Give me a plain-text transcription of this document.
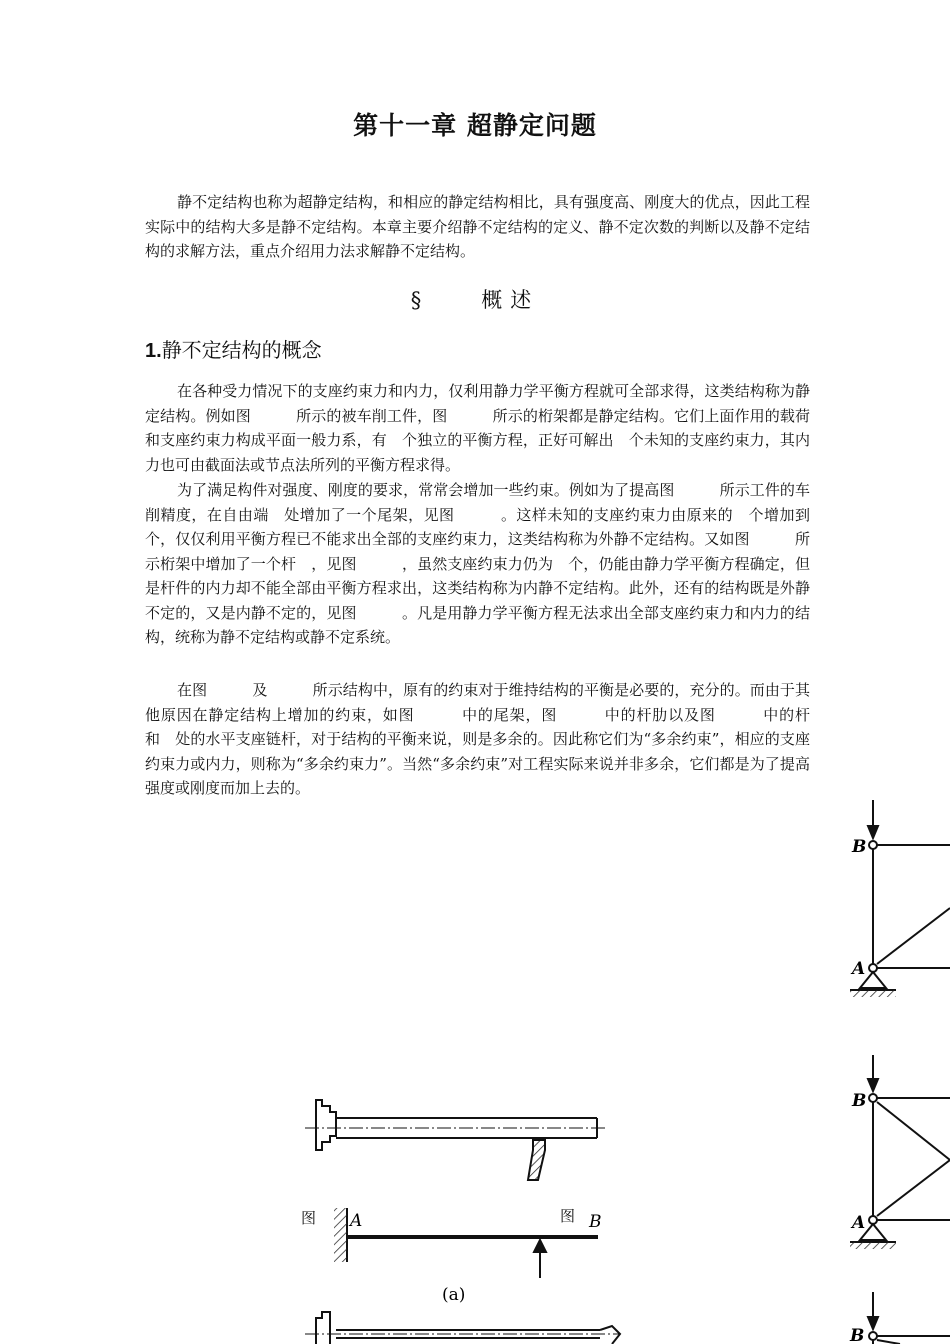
第十一章 超静定问题

静不定结构也称为超静定结构，和相应的静定结构相比，具有强度高、刚度大的优点，因此工程实际中的结构大多是静不定结构。本章主要介绍静不定结构的定义、静不定次数的判断以及静不定结构的求解方法，重点介绍用力法求解静不定结构。

§	概述
1.静不定结构的概念

在各种受力情况下的支座约束力和内力，仅利用静力学平衡方程就可全部求得，这类结构称为静定结构。例如图　　　所示的被车削工件，图　　　所示的桁架都是静定结构。它们上面作用的载荷和支座约束力构成平面一般力系，有　个独立的平衡方程，正好可解出　个未知的支座约束力，其内力也可由截面法或节点法所列的平衡方程求得。

为了满足构件对强度、刚度的要求，常常会增加一些约束。例如为了提高图　　　所示工件的车削精度，在自由端　处增加了一个尾架，见图　　　。这样未知的支座约束力由原来的　个增加到　个，仅仅利用平衡方程已不能求出全部的支座约束力，这类结构称为外静不定结构。又如图　　　所示桁架中增加了一个杆　，见图　　　，虽然支座约束力仍为　个，仍能由静力学平衡方程确定，但是杆件的内力却不能全部由平衡方程求出，这类结构称为内静不定结构。此外，还有的结构既是外静不定的，又是内静不定的，见图　　　。凡是用静力学平衡方程无法求出全部支座约束力和内力的结构，统称为静不定结构或静不定系统。

在图　　　及　　　所示结构中，原有的约束对于维持结构的平衡是必要的，充分的。而由于其他原因在静定结构上增加的约束，如图　　　中的尾架，图　　　中的杆肋以及图　　　中的杆　　和　处的水平支座链杆，对于结构的平衡来说，则是多余的。因此称它们为“多余约束”，相应的支座约束力或内力，则称为“多余约束力”。当然“多余约束”对工程实际来说并非多余，它们都是为了提高强度或刚度而加上去的。

A	B
(a)
B
A
B
A
B
图	图
